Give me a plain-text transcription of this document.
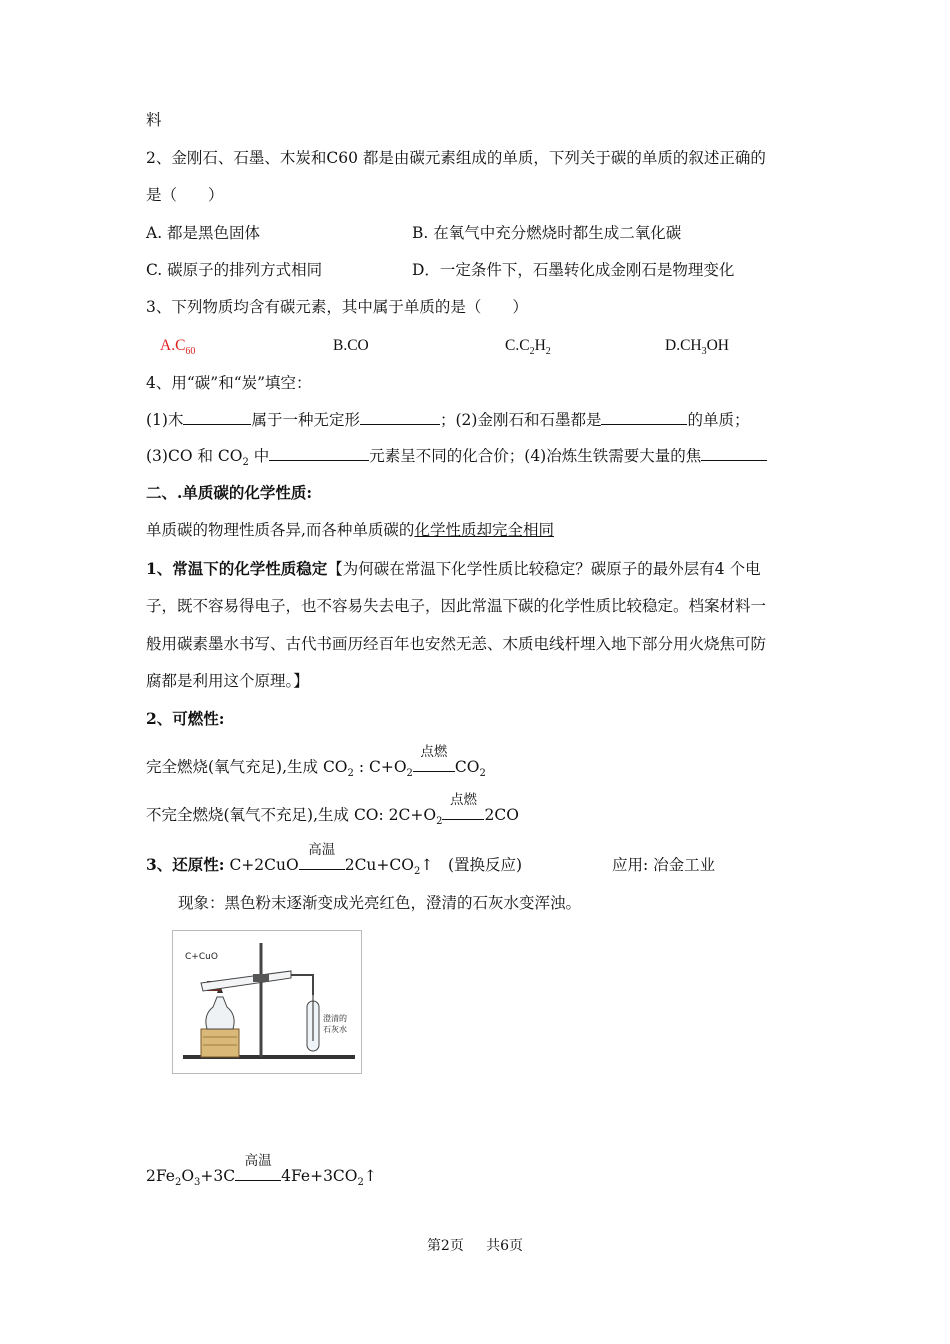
料
2、金刚石、石墨、木炭和C60 都是由碳元素组成的单质，下列关于碳的单质的叙述正确的
是（　　）
A. 都是黑色固体	B. 在氧气中充分燃烧时都生成二氧化碳
C. 碳原子的排列方式相同	D．一定条件下，石墨转化成金刚石是物理变化
3、下列物质均含有碳元素，其中属于单质的是（　　）
$A.C_{60}$	B.CO	$C.C_2H_2$	$D.CH_3OH$
4、用“碳”和“炭”填空：
(1)木	属于一种无定形	；(2)金刚石和石墨都是	的单质；
(3)CO 和 $CO_2$ 中	元素呈不同的化合价；(4)冶炼生铁需要大量的焦
二、.单质碳的化学性质:
单质碳的物理性质各异,而各种单质碳的化学性质却完全相同
1、常温下的化学性质稳定【为何碳在常温下化学性质比较稳定？碳原子的最外层有4 个电
子，既不容易得电子，也不容易失去电子，因此常温下碳的化学性质比较稳定。档案材料一
般用碳素墨水书写、古代书画历经百年也安然无恙、木质电线杆埋入地下部分用火烧焦可防
腐都是利用这个原理。】
2、可燃性:
完全燃烧(氧气充足),生成 $CO_2$ : $C+O_2$
点燃
$CO_2$
不完全燃烧(氧气不充足),生成 CO: $2C+O_2$
点燃
2CO
3、还原性: C+2CuO
高温
$2Cu+CO_2↑$ (置换反应)	应用: 冶金工业
现象：黑色粉末逐渐变成光亮红色，澄清的石灰水变浑浊。
C+CuO
澄清的
石灰水
$2Fe_2O_3+3C$
高温
$4Fe+3CO_2↑$
第2页 共6页
